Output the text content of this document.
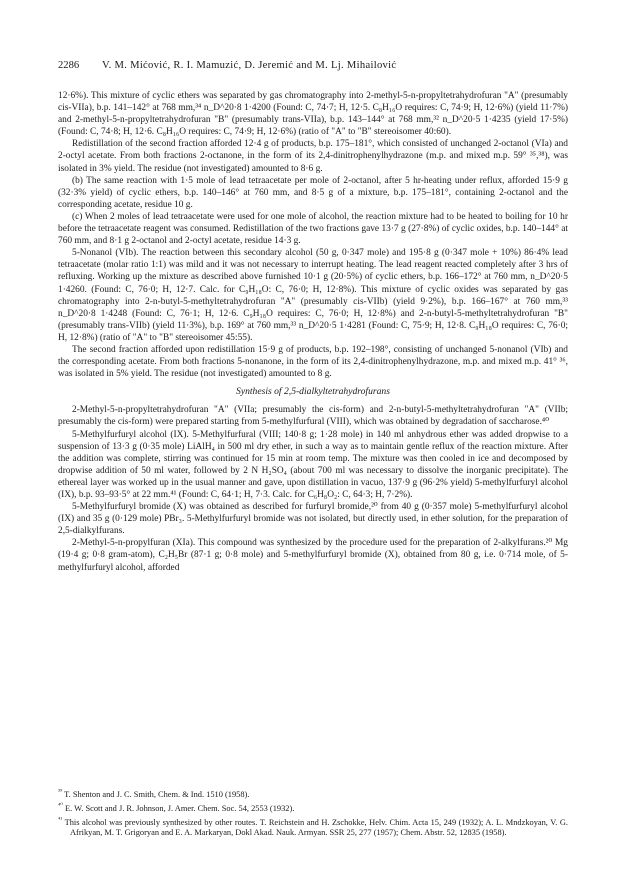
2286 V. M. Mićović, R. I. Mamuzić, D. Jeremić and M. Lj. Mihailović

12·6%). This mixture of cyclic ethers was separated by gas chromatography into 2-methyl-5-n-propyltetrahydrofuran "A" (presumably cis-VIIa), b.p. 141–142° at 768 mm,³⁴ n_D^20·8 1·4200 (Found: C, 74·7; H, 12·5. C₈H₁₆O requires: C, 74·9; H, 12·6%) (yield 11·7%) and 2-methyl-5-n-propyltetrahydrofuran "B" (presumably trans-VIIa), b.p. 143–144° at 768 mm,³² n_D^20·5 1·4235 (yield 17·5%) (Found: C, 74·8; H, 12·6. C₈H₁₆O requires: C, 74·9; H, 12·6%) (ratio of "A" to "B" stereoisomer 40:60).

Redistillation of the second fraction afforded 12·4 g of products, b.p. 175–181°, which consisted of unchanged 2-octanol (VIa) and 2-octyl acetate. From both fractions 2-octanone, in the form of its 2,4-dinitrophenylhydrazone (m.p. and mixed m.p. 59° ³⁵,³⁸), was isolated in 3% yield. The residue (not investigated) amounted to 8·6 g.

(b) The same reaction with 1·5 mole of lead tetraacetate per mole of 2-octanol, after 5 hr-heating under reflux, afforded 15·9 g (32·3% yield) of cyclic ethers, b.p. 140–146° at 760 mm, and 8·5 g of a mixture, b.p. 175–181°, containing 2-octanol and the corresponding acetate, residue 10 g.

(c) When 2 moles of lead tetraacetate were used for one mole of alcohol, the reaction mixture had to be heated to boiling for 10 hr before the tetraacetate reagent was consumed. Redistillation of the two fractions gave 13·7 g (27·8%) of cyclic oxides, b.p. 140–144° at 760 mm, and 8·1 g 2-octanol and 2-octyl acetate, residue 14·3 g.

5-Nonanol (VIb). The reaction between this secondary alcohol (50 g, 0·347 mole) and 195·8 g (0·347 mole + 10%) 86·4% lead tetraacetate (molar ratio 1:1) was mild and it was not necessary to interrupt heating. The lead reagent reacted completely after 3 hrs of refluxing. Working up the mixture as described above furnished 10·1 g (20·5%) of cyclic ethers, b.p. 166–172° at 760 mm, n_D^20·5 1·4260. (Found: C, 76·0; H, 12·7. Calc. for C₉H₁₈O: C, 76·0; H, 12·8%). This mixture of cyclic oxides was separated by gas chromatography into 2-n-butyl-5-methyltetrahydrofuran "A" (presumably cis-VIIb) (yield 9·2%), b.p. 166–167° at 760 mm,³³ n_D^20·8 1·4248 (Found: C, 76·1; H, 12·6. C₉H₁₈O requires: C, 76·0; H, 12·8%) and 2-n-butyl-5-methyltetrahydrofuran "B" (presumably trans-VIIb) (yield 11·3%), b.p. 169° at 760 mm,³³ n_D^20·5 1·4281 (Found: C, 75·9; H, 12·8. C₉H₁₈O requires: C, 76·0; H, 12·8%) (ratio of "A" to "B" stereoisomer 45:55).

The second fraction afforded upon redistillation 15·9 g of products, b.p. 192–198°, consisting of unchanged 5-nonanol (VIb) and the corresponding acetate. From both fractions 5-nonanone, in the form of its 2,4-dinitrophenylhydrazone, m.p. and mixed m.p. 41° ³⁶, was isolated in 5% yield. The residue (not investigated) amounted to 8 g.

Synthesis of 2,5-dialkyltetrahydrofurans

2-Methyl-5-n-propyltetrahydrofuran "A" (VIIa; presumably the cis-form) and 2-n-butyl-5-methyltetrahydrofuran "A" (VIIb; presumably the cis-form) were prepared starting from 5-methylfurfural (VIII), which was obtained by degradation of saccharose.⁴⁰

5-Methylfurfuryl alcohol (IX). 5-Methylfurfural (VIII; 140·8 g; 1·28 mole) in 140 ml anhydrous ether was added dropwise to a suspension of 13·3 g (0·35 mole) LiAlH₄ in 500 ml dry ether, in such a way as to maintain gentle reflux of the reaction mixture. After the addition was complete, stirring was continued for 15 min at room temp. The mixture was then cooled in ice and decomposed by dropwise addition of 50 ml water, followed by 2 N H₂SO₄ (about 700 ml was necessary to dissolve the inorganic precipitate). The ethereal layer was worked up in the usual manner and gave, upon distillation in vacuo, 137·9 g (96·2% yield) 5-methylfurfuryl alcohol (IX), b.p. 93–93·5° at 22 mm.⁴¹ (Found: C, 64·1; H, 7·3. Calc. for C₆H₈O₂: C, 64·3; H, 7·2%).

5-Methylfurfuryl bromide (X) was obtained as described for furfuryl bromide,²⁰ from 40 g (0·357 mole) 5-methylfurfuryl alcohol (IX) and 35 g (0·129 mole) PBr₃. 5-Methylfurfuryl bromide was not isolated, but directly used, in ether solution, for the preparation of 2,5-dialkylfurans.

2-Methyl-5-n-propylfuran (XIa). This compound was synthesized by the procedure used for the preparation of 2-alkylfurans.²⁰ Mg (19·4 g; 0·8 gram-atom), C₂H₅Br (87·1 g; 0·8 mole) and 5-methylfurfuryl bromide (X), obtained from 80 g, i.e. 0·714 mole, of 5-methylfurfuryl alcohol, afforded

$^{^{39}}$ T. Shenton and J. C. Smith, Chem. & Ind. 1510 (1958).

$^{^{40}}$ E. W. Scott and J. R. Johnson, J. Amer. Chem. Soc. 54, 2553 (1932).

$^{^{41}}$ This alcohol was previously synthesized by other routes. T. Reichstein and H. Zschokke, Helv. Chim. Acta 15, 249 (1932); A. L. Mndzkoyan, V. G. Afrikyan, M. T. Grigoryan and E. A. Markaryan, Dokl Akad. Nauk. Armyan. SSR 25, 277 (1957); Chem. Abstr. 52, 12835 (1958).
